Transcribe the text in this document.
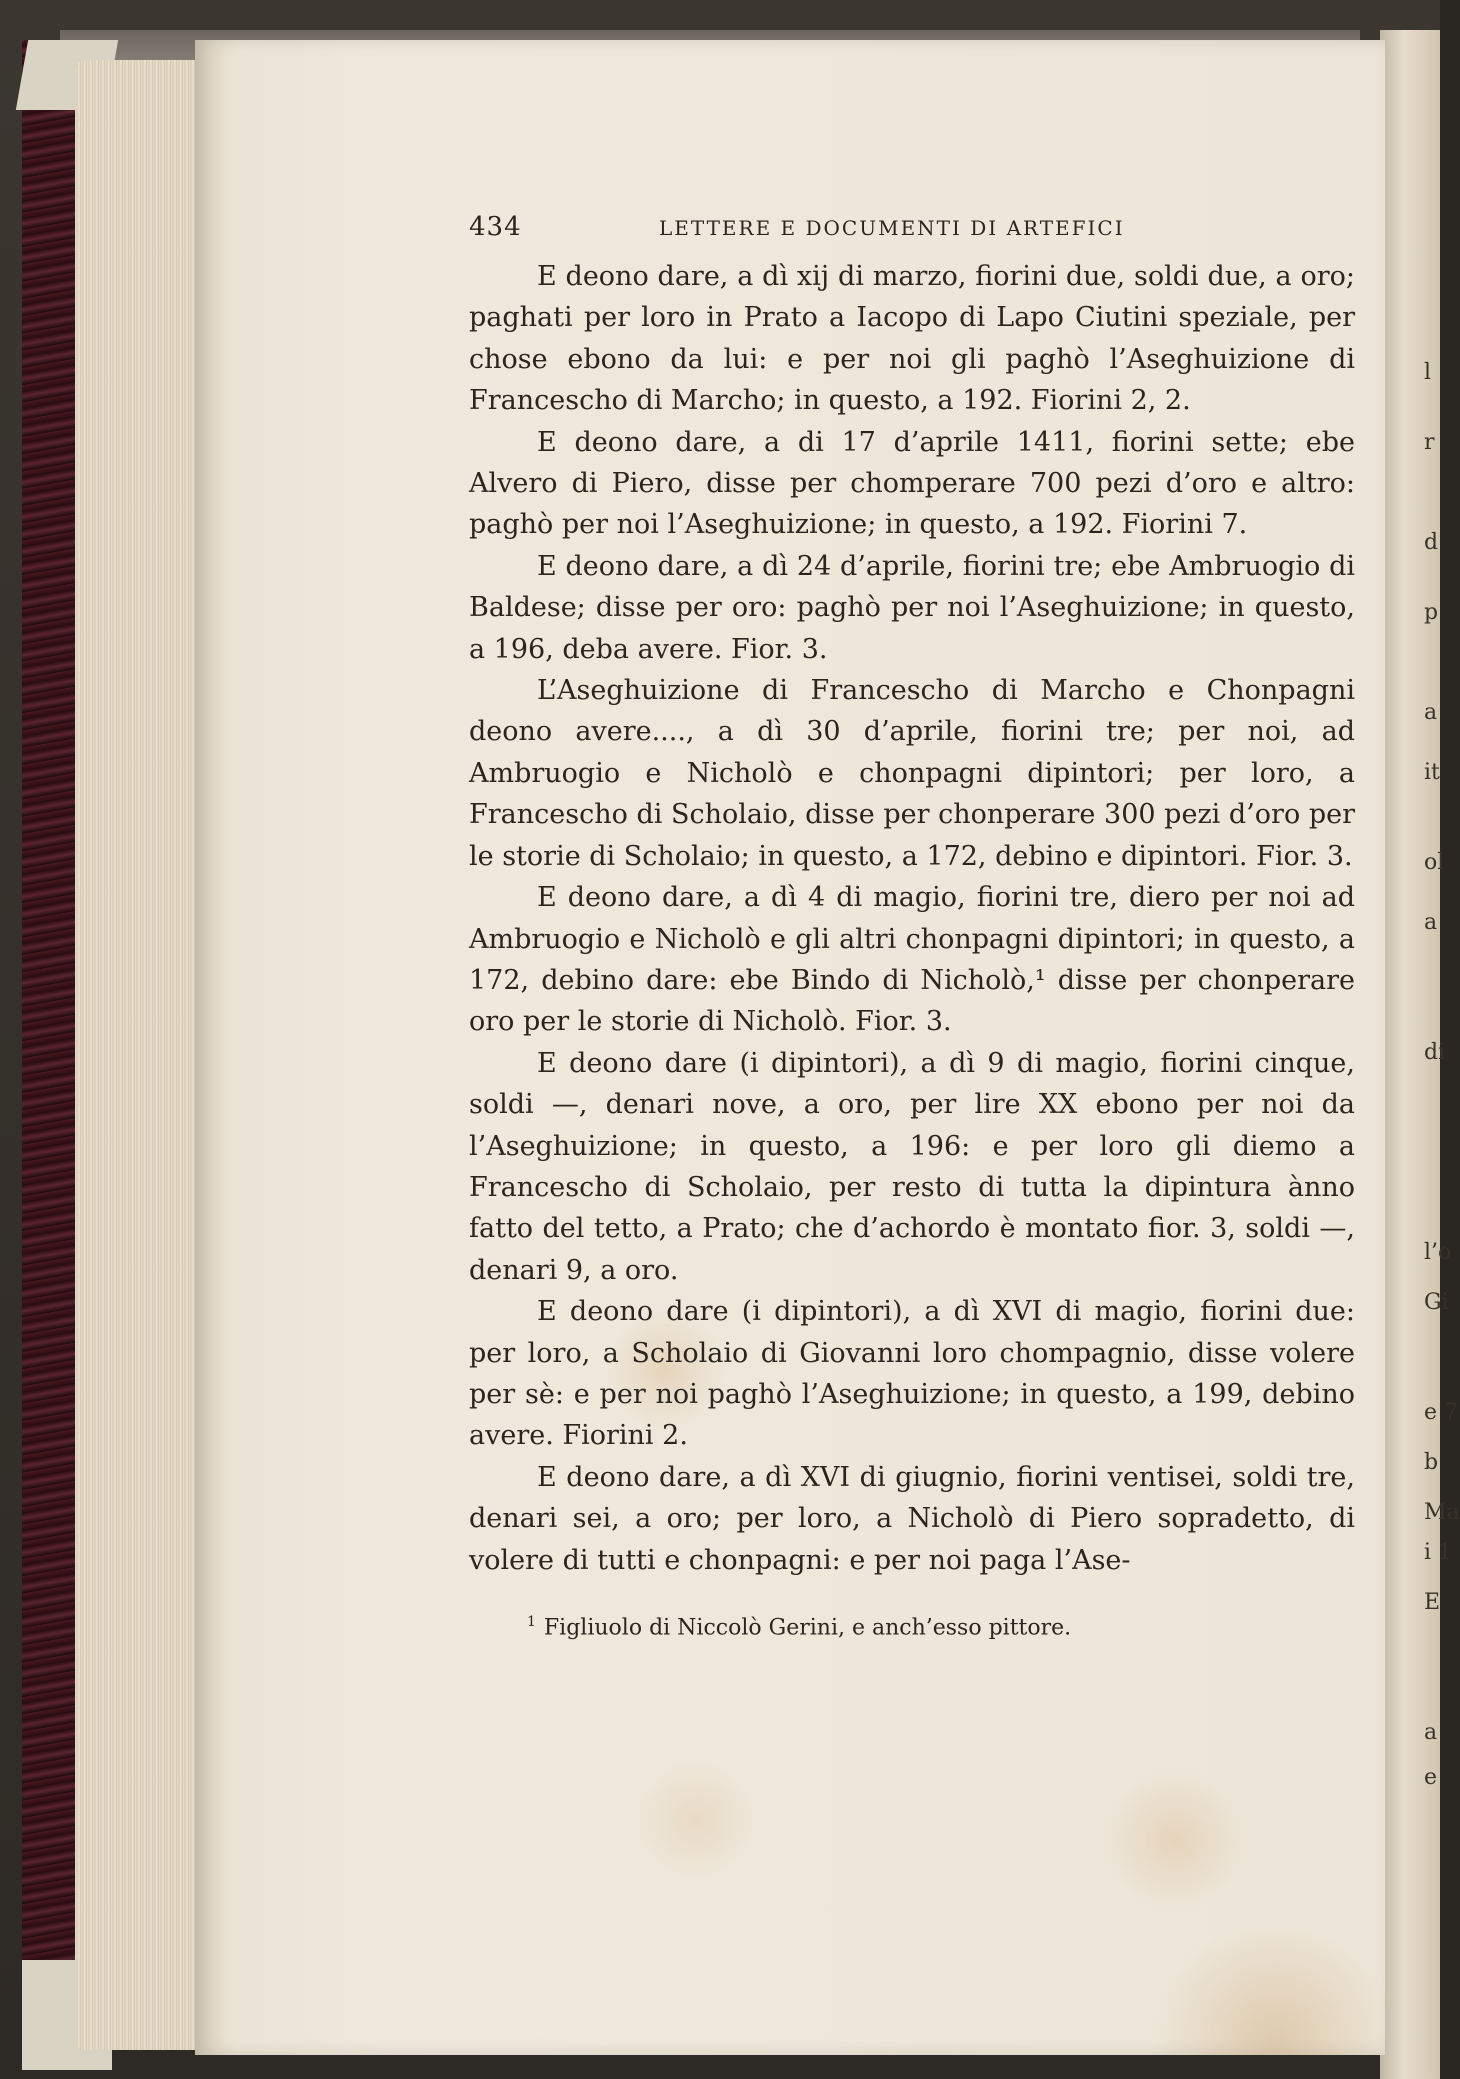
434	LETTERE E DOCUMENTI DI ARTEFICI

E deono dare, a dì xij di marzo, fiorini due, soldi due, a oro; paghati per loro in Prato a Iacopo di Lapo Ciutini speziale, per chose ebono da lui: e per noi gli paghò l’Aseghuizione di Francescho di Marcho; in questo, a 192. Fiorini 2, 2.

E deono dare, a di 17 d’aprile 1411, fiorini sette; ebe Alvero di Piero, disse per chomperare 700 pezi d’oro e altro: paghò per noi l’Aseghuizione; in questo, a 192. Fiorini 7.

E deono dare, a dì 24 d’aprile, fiorini tre; ebe Ambruogio di Baldese; disse per oro: paghò per noi l’Aseghuizione; in questo, a 196, deba avere. Fior. 3.

L’Aseghuizione di Francescho di Marcho e Chonpagni deono avere...., a dì 30 d’aprile, fiorini tre; per noi, ad Ambruogio e Nicholò e chonpagni dipintori; per loro, a Francescho di Scholaio, disse per chonperare 300 pezi d’oro per le storie di Scholaio; in questo, a 172, debino e dipintori. Fior. 3.

E deono dare, a dì 4 di magio, fiorini tre, diero per noi ad Ambruogio e Nicholò e gli altri chonpagni dipintori; in questo, a 172, debino dare: ebe Bindo di Nicholò,¹ disse per chonperare oro per le storie di Nicholò. Fior. 3.

E deono dare (i dipintori), a dì 9 di magio, fiorini cinque, soldi —, denari nove, a oro, per lire XX ebono per noi da l’Aseghuizione; in questo, a 196: e per loro gli diemo a Francescho di Scholaio, per resto di tutta la dipintura ànno fatto del tetto, a Prato; che d’achordo è montato fior. 3, soldi —, denari 9, a oro.

E deono dare (i dipintori), a dì XVI di magio, fiorini due: per loro, a Scholaio di Giovanni loro chompagnio, disse volere per sè: e per noi paghò l’Aseghuizione; in questo, a 199, debino avere. Fiorini 2.

E deono dare, a dì XVI di giugnio, fiorini ventisei, soldi tre, denari sei, a oro; per loro, a Nicholò di Piero sopradetto, di volere di tutti e chonpagni: e per noi paga l’Ase-

$^1$ Figliuolo di Niccolò Gerini, e anch’esso pittore.
l
r
d
p
a
it
ol
a
di
l’o
Gi
e 7
b
Ma
i 1
E
a
e
